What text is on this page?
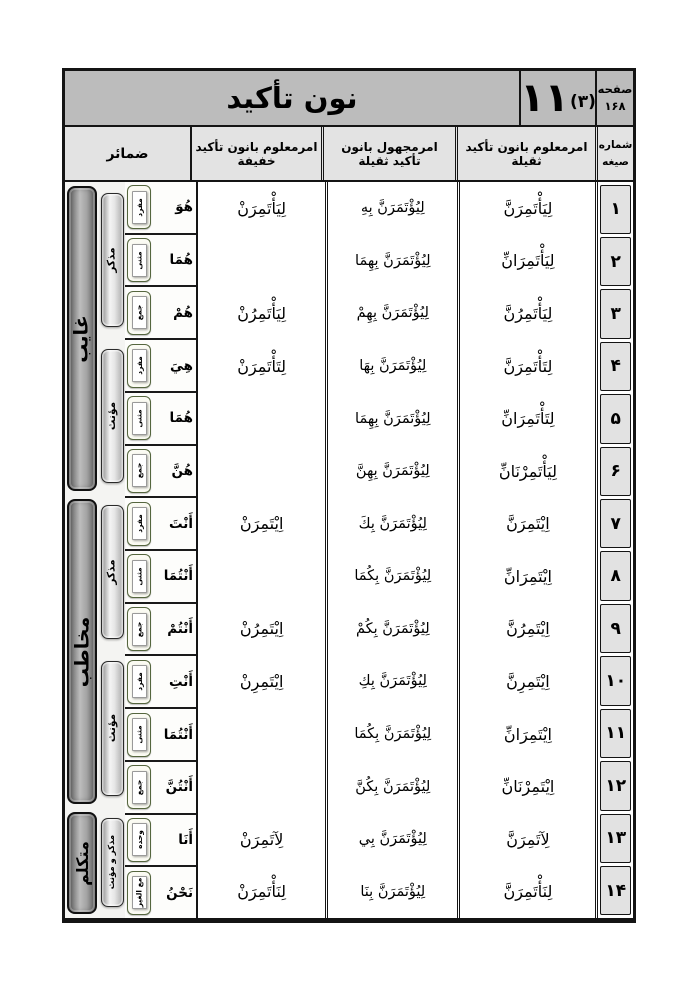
صفحه
۱۶۸
۱۱ (۳)
نون تأكيد
شماره
صيغه
امرمعلوم بانون تأكيد ثقيلة
امرمجهول بانون تأكيد ثقيلة
امرمعلوم بانون تأكيد خفيفة
ضمائر
۱
۲
۳
۴
۵
۶
۷
۸
۹
۱۰
۱۱
۱۲
۱۳
۱۴
لِيَأْتَمِرَنَّ
لِيَأْتَمِرَانِّ
لِيَأْتَمِرُنَّ
لِتَأْتَمِرَنَّ
لِتَأْتَمِرَانِّ
لِيَأْتَمِرْنَانِّ
اِيْتَمِرَنَّ
اِيْتَمِرَانِّ
اِيْتَمِرُنَّ
اِيْتَمِرِنَّ
اِيْتَمِرَانِّ
اِيْتَمِرْنَانِّ
لِآتَمِرَنَّ
لِنَأْتَمِرَنَّ
لِيُؤْتَمَرَنَّ بِهِ
لِيُؤْتَمَرَنَّ بِهِمَا
لِيُؤْتَمَرَنَّ بِهِمْ
لِيُؤْتَمَرَنَّ بِهَا
لِيُؤْتَمَرَنَّ بِهِمَا
لِيُؤْتَمَرَنَّ بِهِنَّ
لِيُؤْتَمَرَنَّ بِكَ
لِيُؤْتَمَرَنَّ بِكُمَا
لِيُؤْتَمَرَنَّ بِكُمْ
لِيُؤْتَمَرَنَّ بِكِ
لِيُؤْتَمَرَنَّ بِكُمَا
لِيُؤْتَمَرَنَّ بِكُنَّ
لِيُؤْتَمَرَنَّ بِي
لِيُؤْتَمَرَنَّ بِنَا
لِيَأْتَمِرَنْ
لِيَأْتَمِرُنْ
لِتَأْتَمِرَنْ
اِيْتَمِرَنْ
اِيْتَمِرُنْ
اِيْتَمِرِنْ
لِآتَمِرَنْ
لِنَأْتَمِرَنْ
هُوَ
مفرد
هُمَا
مثنى
هُمْ
جمع
هِيَ
مفرد
هُمَا
مثنى
هُنَّ
جمع
أَنْتَ
مفرد
أَنْتُمَا
مثنى
أَنْتُمْ
جمع
أَنْتِ
مفرد
أَنْتُمَا
مثنى
أَنْتُنَّ
جمع
أَنَا
وحده
نَحْنُ
مع الغير
مذكر
مؤنث
مذكر
مؤنث
مذكر و مؤنث
غایب
مخاطب
متكلم
